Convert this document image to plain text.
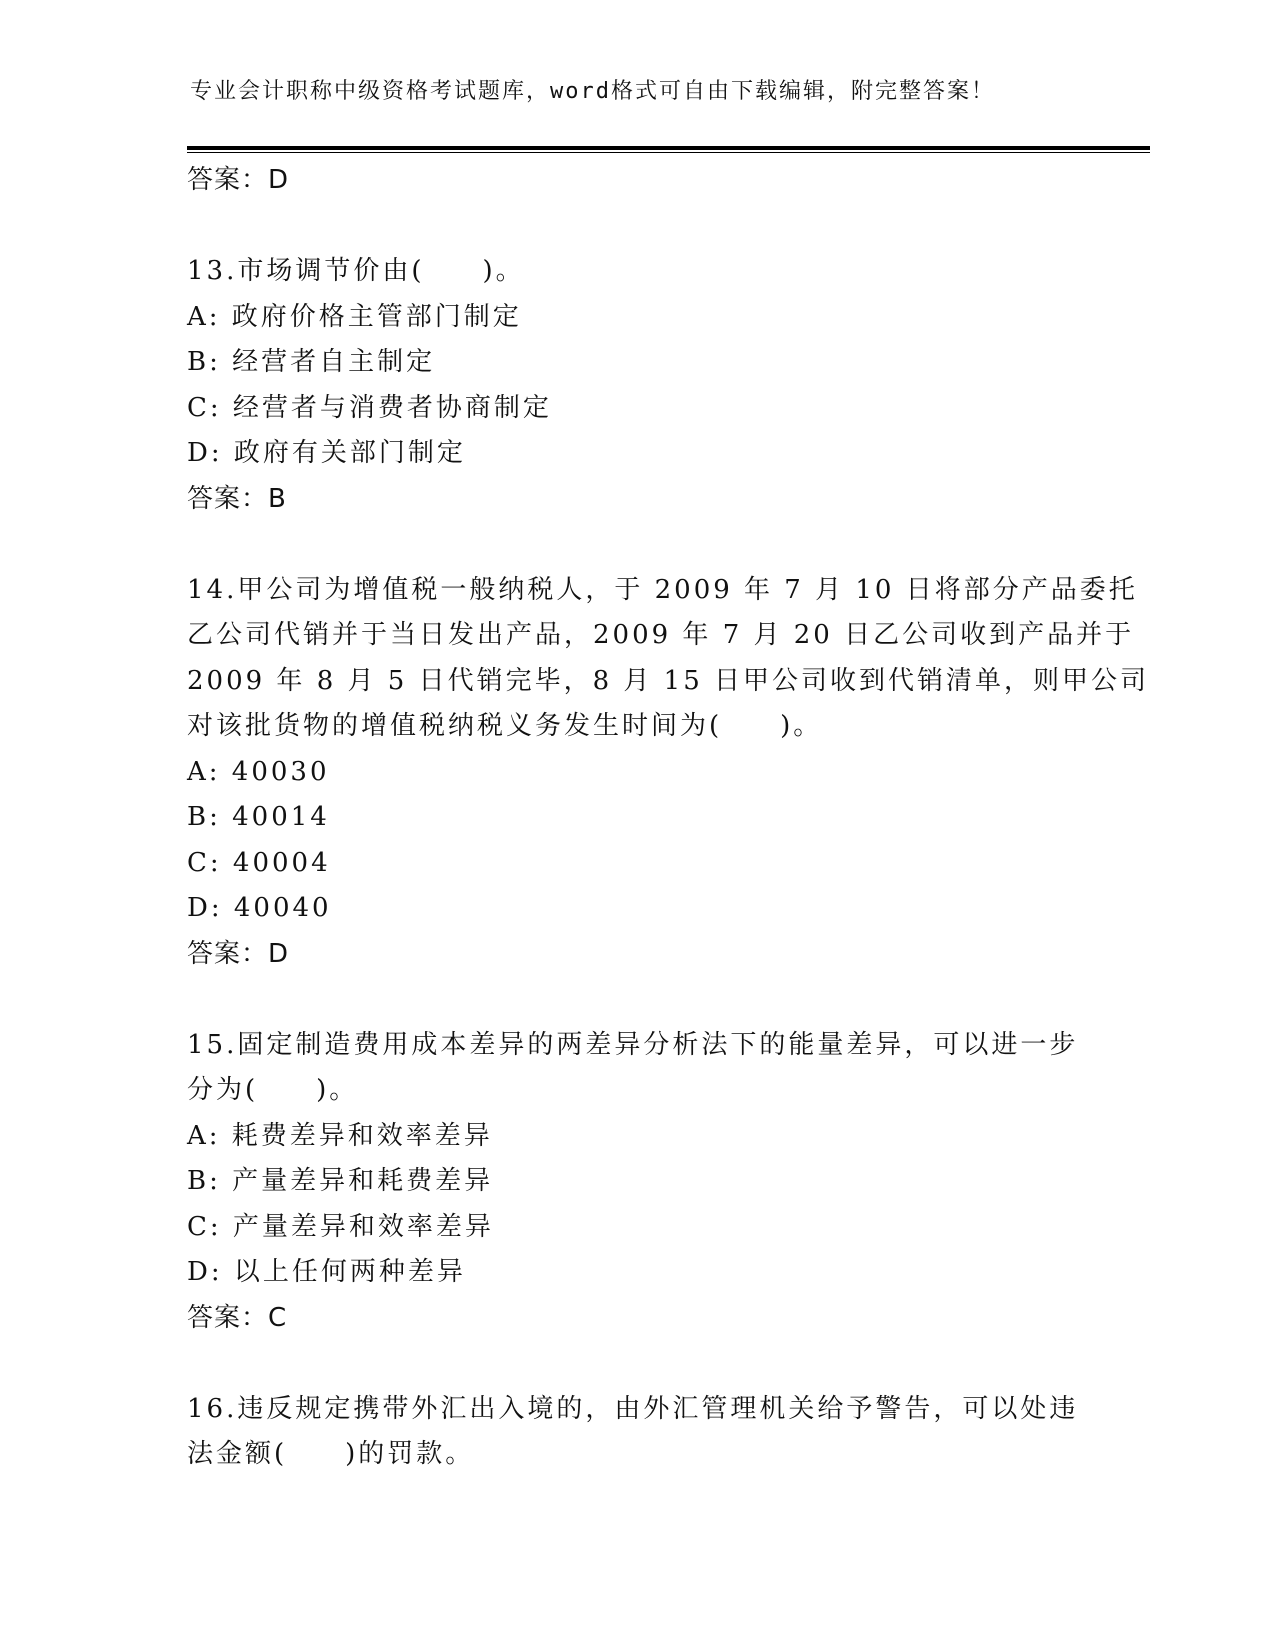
专业会计职称中级资格考试题库，word格式可自由下载编辑，附完整答案！
答案：D
13.市场调节价由(　　)。
A: 政府价格主管部门制定
B: 经营者自主制定
C: 经营者与消费者协商制定
D: 政府有关部门制定
答案：B
14.甲公司为增值税一般纳税人，于 2009 年 7 月 10 日将部分产品委托
乙公司代销并于当日发出产品，2009 年 7 月 20 日乙公司收到产品并于
2009 年 8 月 5 日代销完毕，8 月 15 日甲公司收到代销清单，则甲公司
对该批货物的增值税纳税义务发生时间为(　　)。
A: 40030
B: 40014
C: 40004
D: 40040
答案：D
15.固定制造费用成本差异的两差异分析法下的能量差异，可以进一步
分为(　　)。
A: 耗费差异和效率差异
B: 产量差异和耗费差异
C: 产量差异和效率差异
D: 以上任何两种差异
答案：C
16.违反规定携带外汇出入境的，由外汇管理机关给予警告，可以处违
法金额(　　)的罚款。
